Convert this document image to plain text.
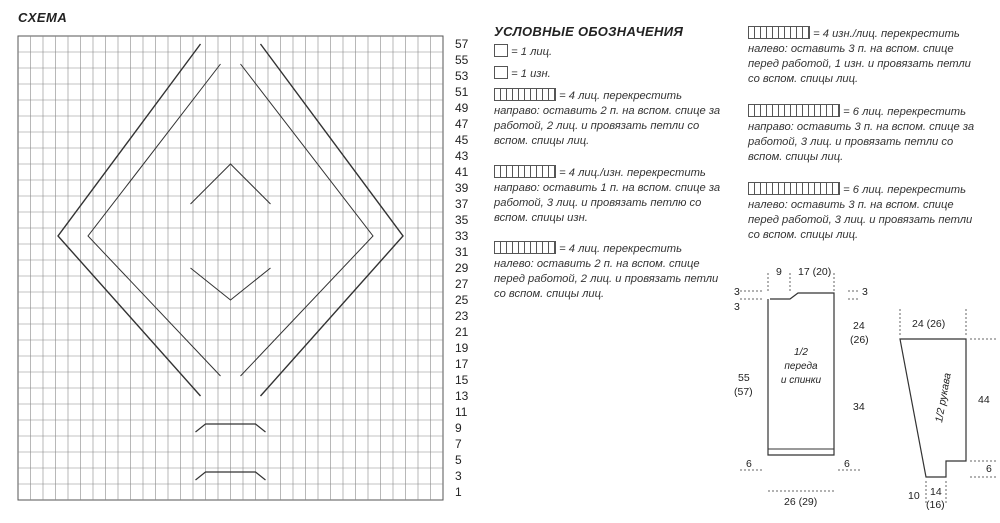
СХЕМА
УСЛОВНЫЕ ОБОЗНАЧЕНИЯ
57
55
53
51
49
47
45
43
41
39
37
35
33
31
29
27
25
23
21
19
17
15
13
11
9
7
5
3
1
= 1 лиц.
= 1 изн.
= 4 лиц. перекрестить направо: оставить 2 п. на вспом. спице за работой, 2 лиц. и провязать петли со вспом. спицы лиц.
= 4 лиц./изн. перекрестить направо: оставить 1 п. на вспом. спице за работой, 3 лиц. и провязать петлю со вспом. спицы изн.
= 4 лиц. перекрестить налево: оставить 2 п. на вспом. спице перед работой, 2 лиц. и провязать петли со вспом. спицы лиц.
= 4 изн./лиц. перекрестить налево: оставить 3 п. на вспом. спице перед работой, 1 изн. и провязать петли со вспом. спицы лиц.
= 6 лиц. перекрестить направо: оставить 3 п. на вспом. спице за работой, 3 лиц. и провязать петли со вспом. спицы лиц.
= 6 лиц. перекрестить налево: оставить 3 п. на вспом. спице перед работой, 3 лиц. и провязать петли со вспом. спицы лиц.
9 17 (20)
3
3
3
24
(26)
55
(57)
34
6	6
26 (29)
1/2
переда
и спинки
24 (26)
44
6
10 14
(16)
1/2 рукава
